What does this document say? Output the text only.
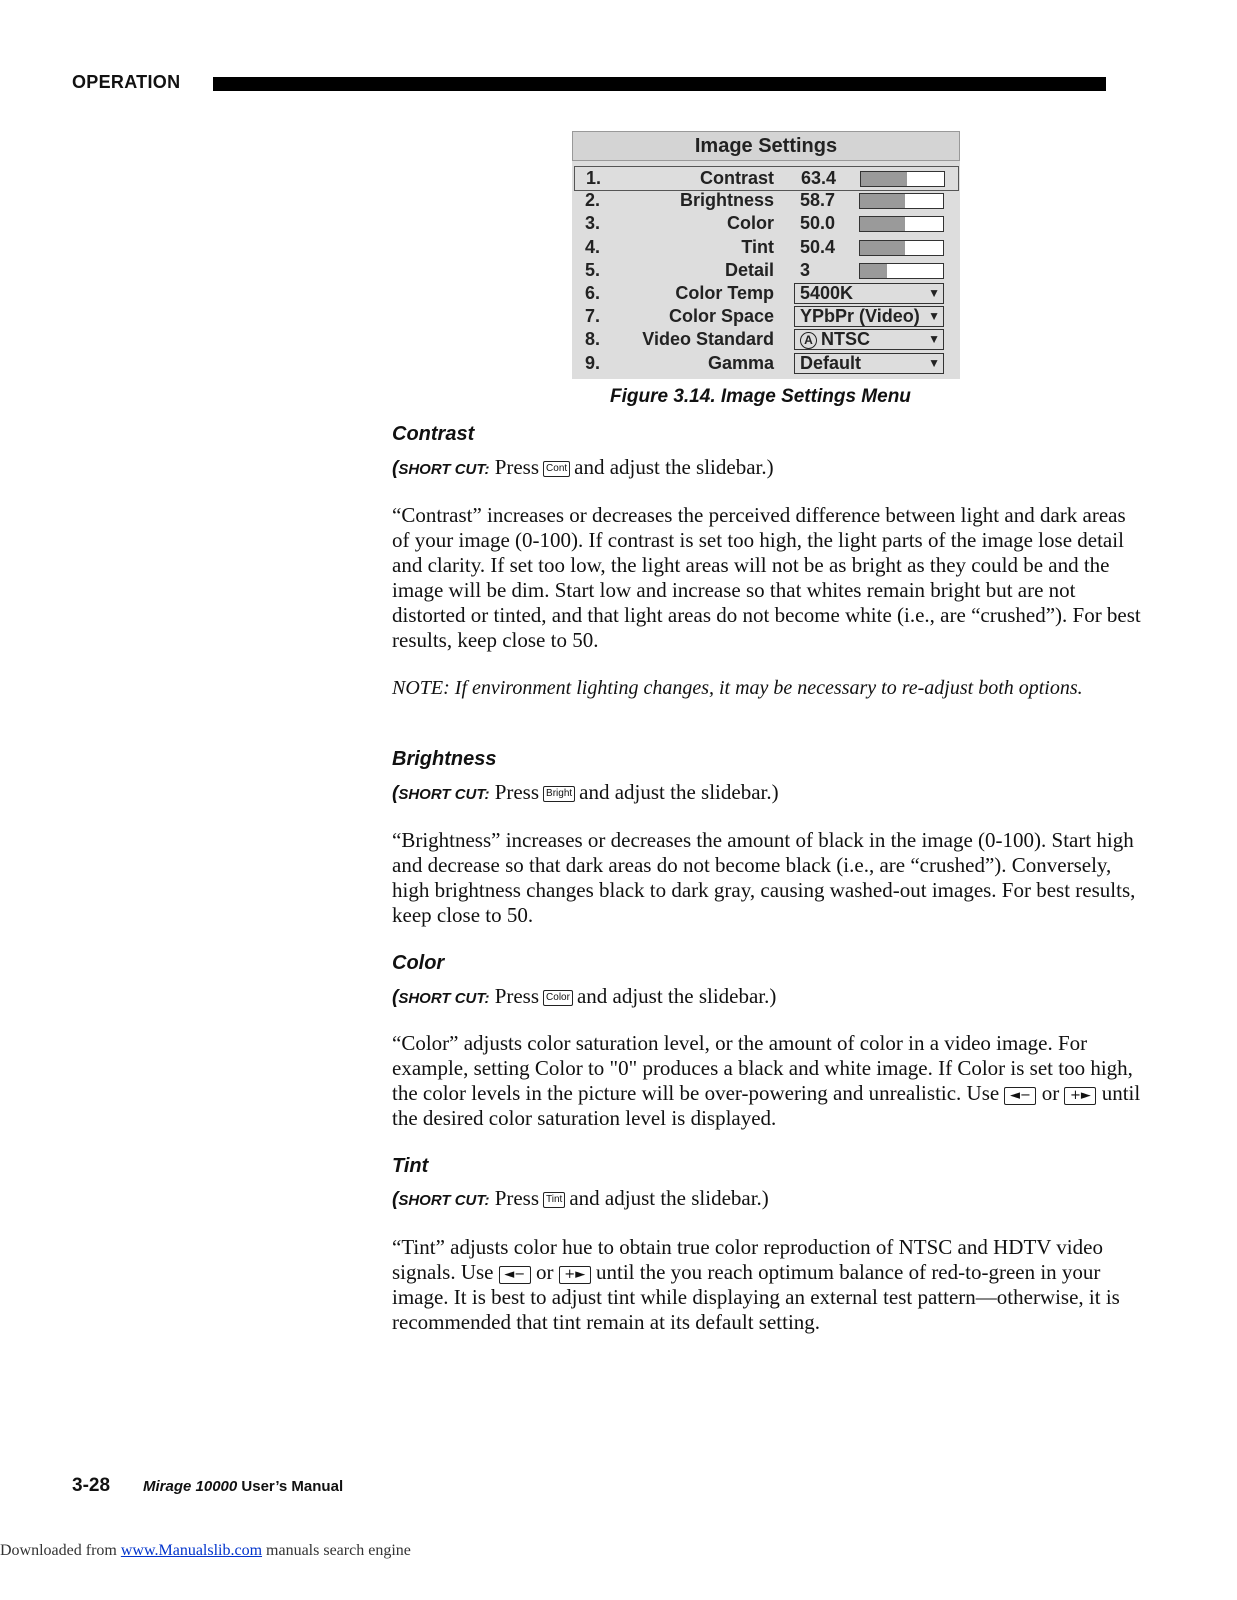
OPERATION
Image Settings
1.	Contrast 63.4
2.	Brightness 58.7
3.	Color 50.0
4.	Tint 50.4
5.	Detail 3
6.	Color Temp 5400K	▼
7.	Color Space YPbPr (Video) ▼
8. Video Standard	A NTSC	▼
9.	Gamma Default	▼
Figure 3.14. Image Settings Menu
Contrast
(SHORT CUT: Press Cont and adjust the slidebar.)
“Contrast” increases or decreases the perceived difference between light and dark areas of your image (0-100). If contrast is set too high, the light parts of the image lose detail and clarity. If set too low, the light areas will not be as bright as they could be and the image will be dim. Start low and increase so that whites remain bright but are not distorted or tinted, and that light areas do not become white (i.e., are “crushed”). For best results, keep close to 50.
NOTE: If environment lighting changes, it may be necessary to re-adjust both options.
Brightness
(SHORT CUT: Press Bright and adjust the slidebar.)
“Brightness” increases or decreases the amount of black in the image (0-100). Start high and decrease so that dark areas do not become black (i.e., are “crushed”). Conversely, high brightness changes black to dark gray, causing washed-out images. For best results, keep close to 50.
Color
(SHORT CUT: Press Color and adjust the slidebar.)
“Color” adjusts color saturation level, or the amount of color in a video image. For example, setting Color to "0" produces a black and white image. If Color is set too high, the color levels in the picture will be over-powering and unrealistic. Use ◄− or +► until the desired color saturation level is displayed.
Tint
(SHORT CUT: Press Tint and adjust the slidebar.)
“Tint” adjusts color hue to obtain true color reproduction of NTSC and HDTV video signals. Use ◄− or +► until the you reach optimum balance of red-to-green in your image. It is best to adjust tint while displaying an external test pattern—otherwise, it is recommended that tint remain at its default setting.
3-28 Mirage 10000 User’s Manual
Downloaded from www.Manualslib.com manuals search engine
